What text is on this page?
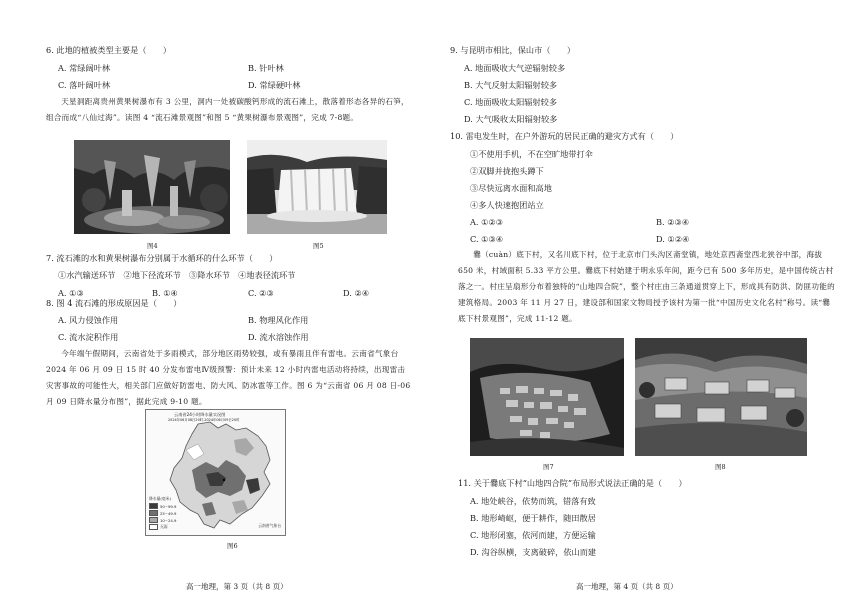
6. 此地的植被类型主要是（　　）
A. 常绿阔叶林	B. 针叶林
C. 落叶阔叶林	D. 常绿硬叶林
天星洞距离贵州黄果树瀑布有 3 公里，洞内一处被碳酸钙形成的流石滩上，散落着形态各异的石笋，组合而成“八仙过海”。读图 4 “流石滩景观图”和图 5 “黄果树瀑布景观图”，完成 7-8题。
图4	图5
7. 流石滩的水和黄果树瀑布分别属于水循环的什么环节（　　）
①水汽输送环节　②地下径流环节　③降水环节　④地表径流环节
A. ①③	B. ①④	C. ②③	D. ②④
8. 图 4 流石滩的形成原因是（　　）
A. 风力侵蚀作用	B. 物理风化作用
C. 流水淀积作用	D. 流水溶蚀作用
今年端午假期间，云南省处于多雨模式，部分地区雨势较强，或有暴雨且伴有雷电。云南省气象台 2024 年 06 月 09 日 15 时 40 分发布雷电Ⅳ级预警：预计未来 12 小时内雷电活动将持续，出现雷击灾害事故的可能性大，相关部门应做好防雷电、防大风、防冰雹等工作。图 6 为“云南省 06 月 08 日-06 月 09 日降水量分布图”，据此完成 9-10 题。
云南省24小时降水量实况图
2024年06月08日20时-2024年06月09日20时
降水量(毫米)
50~99.9
25~49.9
10~24.9
无雨	云南省气象台
图6
高一地理，第 3 页（共 8 页）
9. 与昆明市相比，保山市（　　）
A. 地面吸收大气逆辐射较多
B. 大气反射太阳辐射较多
C. 地面吸收太阳辐射较多
D. 大气吸收太阳辐射较多
10. 雷电发生时，在户外游玩的居民正确的避灾方式有（　　）
①不使用手机，不在空旷地带打伞
②双脚并拢抱头蹲下
③尽快远离水面和高地
④多人快速抱团站立
A. ①②③	B. ②③④
C. ①③④	D. ①②④
爨（cuàn）底下村，又名川底下村，位于北京市门头沟区斋堂镇，地处京西斋堂西北狭谷中部，海拔 650 米，村域面积 5.33 平方公里。爨底下村始建于明永乐年间，距今已有 500 多年历史，是中国传统古村落之一。村庄呈扇形分布着独特的“山地四合院”，整个村庄由三条通道贯穿上下，形成具有防洪、防匪功能的建筑格局。2003 年 11 月 27 日，建设部和国家文物局授予该村为第一批“中国历史文化名村”称号。读“爨底下村景观图”，完成 11-12 题。
图7	图8
11. 关于爨底下村“山地四合院”布局形式说法正确的是（　　）
A. 地处峡谷，依势而筑，错落有致
B. 地形崎岖，便于耕作，随田散居
C. 地形闭塞，依河而建，方便运输
D. 沟谷纵横，支离破碎，依山而建
高一地理，第 4 页（共 8 页）
